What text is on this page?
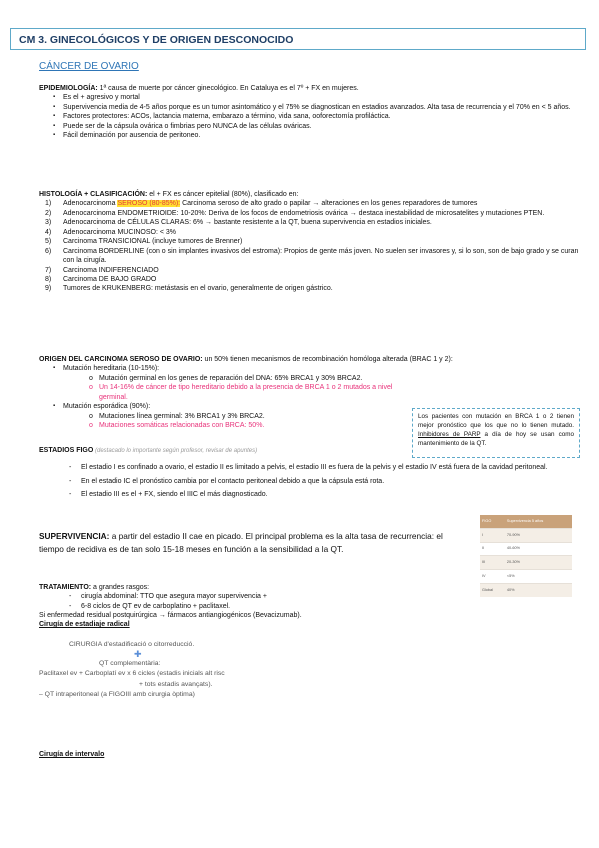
CM 3. GINECOLÓGICOS Y DE ORIGEN DESCONOCIDO
CÁNCER DE OVARIO
EPIDEMIOLOGÍA: 1ª causa de muerte por cáncer ginecológico. En Cataluya es el 7º + FX en mujeres.
▪ Es el + agresivo y mortal
▪ Supervivencia media de 4-5 años porque es un tumor asintomático y el 75% se diagnostican en estadios avanzados. Alta tasa de recurrencia y el 70% en < 5 años.
▪ Factores protectores: ACOs, lactancia materna, embarazo a término, vida sana, ooforectomía profiláctica.
▪ Puede ser de la cápsula ovárica o fimbrias pero NUNCA de las células ováricas.
▪ Fácil deminación por ausencia de peritoneo.
HISTOLOGÍA + CLASIFICACIÓN: el + FX es cáncer epitelial (80%), clasificado en:
1) Adenocarcinoma SEROSO (80-85%): Carcinoma seroso de alto grado o papilar → alteraciones en los genes reparadores de tumores
2) Adenocarcinoma ENDOMETRIOIDE: 10-20%: Deriva de los focos de endometriosis ovárica → destaca inestabilidad de microsatelites y mutaciones PTEN.
3) Adenocarcinoma de CÉLULAS CLARAS: 6% → bastante resistente a la QT, buena supervivencia en estadios iniciales.
4) Adenocarcinoma MUCINOSO: < 3%
5) Carcinoma TRANSICIONAL (incluye tumores de Brenner)
6) Carcinoma BORDERLINE (con o sin implantes invasivos del estroma): Propios de gente más joven. No suelen ser invasores y, si lo son, son de bajo grado y se curan con la cirugía.
7) Carcinoma INDIFERENCIADO
8) Carcinoma DE BAJO GRADO
9) Tumores de KRUKENBERG: metástasis en el ovario, generalmente de origen gástrico.
ORIGEN DEL CARCINOMA SEROSO DE OVARIO: un 50% tienen mecanismos de recombinación homóloga alterada (BRAC 1 y 2):
▪ Mutación hereditaria (10-15%):
o Mutación germinal en los genes de reparación del DNA: 65% BRCA1 y 30% BRCA2.
o Un 14-16% de cáncer de tipo hereditario debido a la presencia de BRCA 1 o 2 mutados a nivel germinal.
▪ Mutación esporádica (90%):
o Mutaciones línea germinal: 3% BRCA1 y 3% BRCA2.
o Mutaciones somáticas relacionadas con BRCA: 50%.
Los pacientes con mutación en BRCA 1 o 2 tienen mejor pronóstico que los que no lo tienen mutado. Inhibidores de PARP a día de hoy se usan como mantenimiento de la QT.
ESTADIOS FIGO (destacado lo importante según profesor, revisar de apuntes)
- El estadio I es confinado a ovario, el estadio II es limitado a pelvis, el estadio III es fuera de la pelvis y el estadio IV está fuera de la cavidad peritoneal.
- En el estadio IC el pronóstico cambia por el contacto peritoneal debido a que la cápsula está rota.
- El estadio III es el + FX, siendo el IIIC el más diagnosticado.
SUPERVIVENCIA: a partir del estadio II cae en picado. El principal problema es la alta tasa de recurrencia: el tiempo de recidiva es de tan solo 15-18 meses en función a la sensibilidad a la QT.
FIGO	Supervivencia 5 años
I	70-90%
II	40-60%
III	20-30%
IV	<5%
Global	40%
TRATAMIENTO: a grandes rasgos:
- cirugía abdominal: TTO que asegura mayor supervivencia +
- 6-8 ciclos de QT ev de carboplatino + paclitaxel.
Si enfermedad residual postquirúrgica → fármacos antiangiogénicos (Bevacizumab).
Cirugía de estadiaje radical
CIRURGIA d'estadificació o citorreducció.
✚
QT complementària:
Paclitaxel ev + Carboplatí ev x 6 cicles (estadis inicials alt risc
+ tots estadis avançats).
– QT intraperitoneal (a FIGOIII amb cirurgia òptima)
Cirugía de intervalo
